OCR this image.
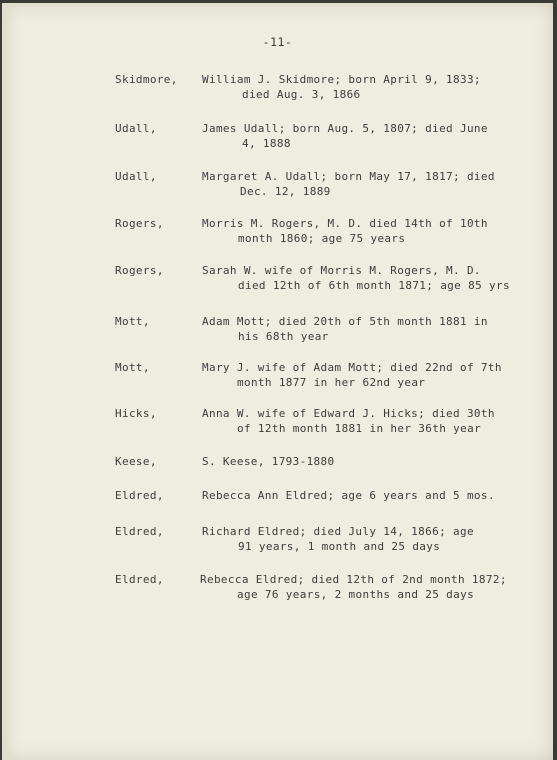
-11-
Skidmore, William J. Skidmore; born April 9, 1833;
died Aug. 3, 1866
Udall,	James Udall; born Aug. 5, 1807; died June
4, 1888
Udall,	Margaret A. Udall; born May 17, 1817; died
Dec. 12, 1889
Rogers,	Morris M. Rogers, M. D. died 14th of 10th
month 1860; age 75 years
Rogers,	Sarah W. wife of Morris M. Rogers, M. D.
died 12th of 6th month 1871; age 85 yrs
Mott,	Adam Mott; died 20th of 5th month 1881 in
his 68th year
Mott,	Mary J. wife of Adam Mott; died 22nd of 7th
month 1877 in her 62nd year
Hicks,	Anna W. wife of Edward J. Hicks; died 30th
of 12th month 1881 in her 36th year
Keese,	S. Keese, 1793-1880
Eldred,	Rebecca Ann Eldred; age 6 years and 5 mos.
Eldred,	Richard Eldred; died July 14, 1866; age
91 years, 1 month and 25 days
Eldred,	Rebecca Eldred; died 12th of 2nd month 1872;
age 76 years, 2 months and 25 days
